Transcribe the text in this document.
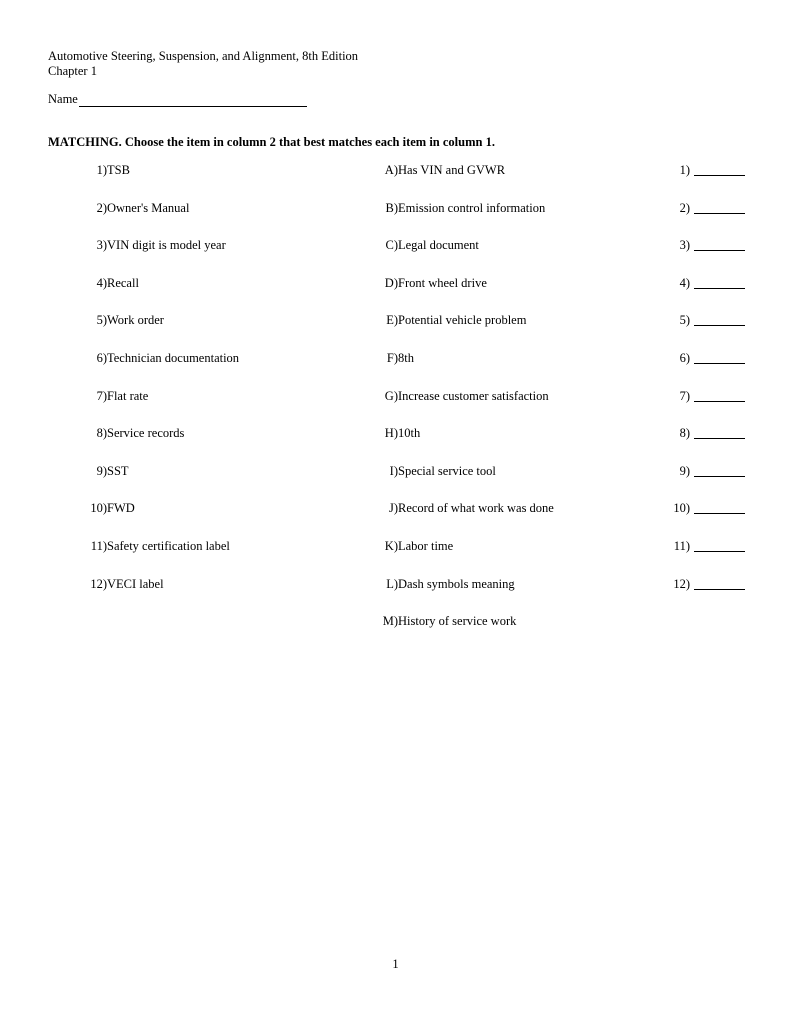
Automotive Steering, Suspension, and Alignment, 8th Edition
Chapter 1
Name
MATCHING. Choose the item in column 2 that best matches each item in column 1.
1) TSB	A) Has VIN and GVWR	1)
2) Owner's Manual	B) Emission control information	2)
3) VIN digit is model year	C) Legal document	3)
4) Recall	D) Front wheel drive	4)
5) Work order	E) Potential vehicle problem	5)
6) Technician documentation	F) 8th	6)
7) Flat rate	G) Increase customer satisfaction	7)
8) Service records	H) 10th	8)
9) SST	I) Special service tool	9)
10) FWD	J) Record of what work was done	10)
11) Safety certification label	K) Labor time	11)
12) VECI label	L) Dash symbols meaning	12)
M) History of service work
1
